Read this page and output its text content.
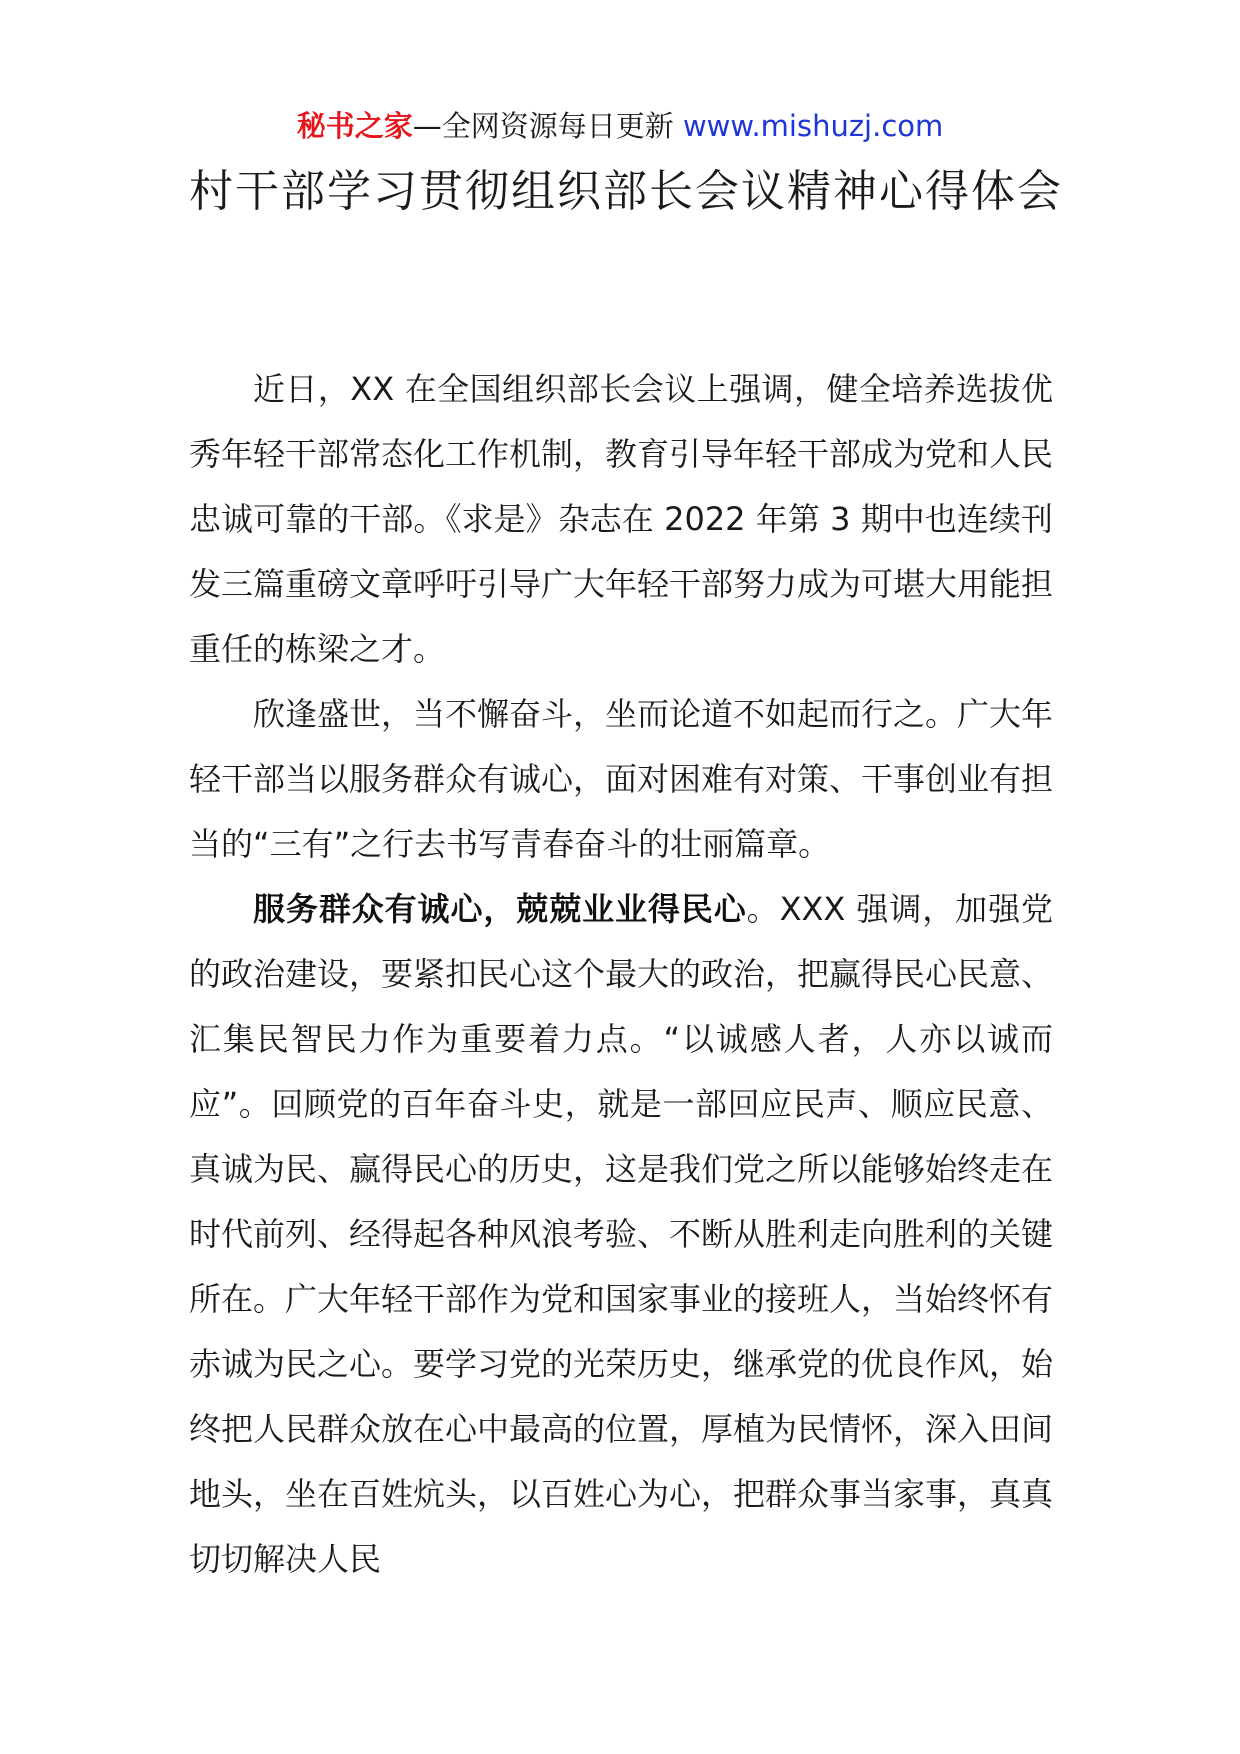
秘书之家—全网资源每日更新 www.mishuzj.com
村干部学习贯彻组织部长会议精神心得体会

近日，XX 在全国组织部长会议上强调，健全培养选拔优秀年轻干部常态化工作机制，教育引导年轻干部成为党和人民忠诚可靠的干部。《求是》杂志在 2022 年第 3 期中也连续刊发三篇重磅文章呼吁引导广大年轻干部努力成为可堪大用能担重任的栋梁之才。

欣逢盛世，当不懈奋斗，坐而论道不如起而行之。广大年轻干部当以服务群众有诚心，面对困难有对策、干事创业有担当的“三有”之行去书写青春奋斗的壮丽篇章。

服务群众有诚心，兢兢业业得民心。XXX 强调，加强党的政治建设，要紧扣民心这个最大的政治，把赢得民心民意、汇集民智民力作为重要着力点。“以诚感人者，人亦以诚而应”。回顾党的百年奋斗史，就是一部回应民声、顺应民意、真诚为民、赢得民心的历史，这是我们党之所以能够始终走在时代前列、经得起各种风浪考验、不断从胜利走向胜利的关键所在。广大年轻干部作为党和国家事业的接班人，当始终怀有赤诚为民之心。要学习党的光荣历史，继承党的优良作风，始终把人民群众放在心中最高的位置，厚植为民情怀，深入田间地头，坐在百姓炕头，以百姓心为心，把群众事当家事，真真切切解决人民
